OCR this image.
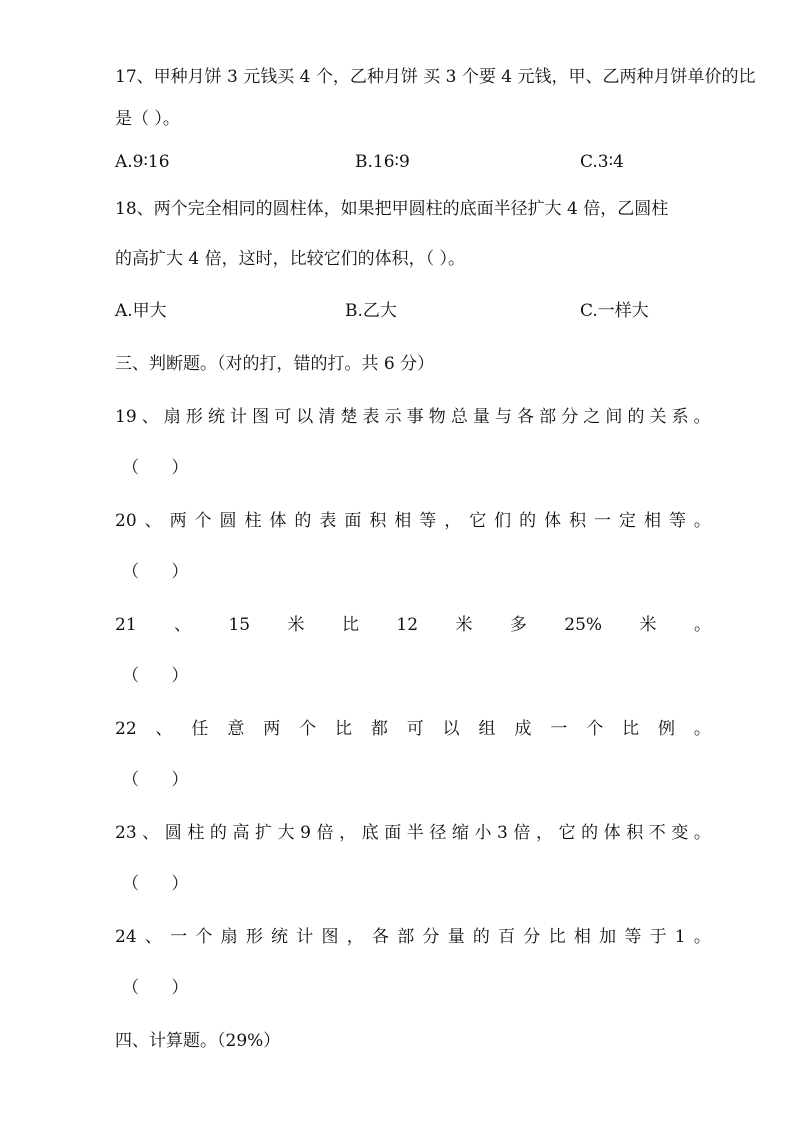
17、甲种月饼 3 元钱买 4 个，乙种月饼 买 3 个要 4 元钱，甲、乙两种月饼单价的比
是（ ）。
A.9∶16	B.16∶9	C.3∶4
18、两个完全相同的圆柱体，如果把甲圆柱的底面半径扩大 4 倍，乙圆柱
的高扩大 4 倍，这时，比较它们的体积，（ ）。
A.甲大	B.乙大	C.一样大
三、判断题。（对的打，错的打。共 6 分）
19 、 扇 形 统 计 图 可 以 清 楚 表 示 事 物 总 量 与 各 部 分 之 间 的 关 系 。
（      ）
20 、 两 个 圆 柱 体 的 表 面 积 相 等 ， 它 们 的 体 积 一 定 相 等 。
（      ）
21 、 15 米 比 12 米 多 25% 米 。
（      ）
22 、 任 意 两 个 比 都 可 以 组 成 一 个 比 例 。
（      ）
23 、 圆 柱 的 高 扩 大 9 倍 ， 底 面 半 径 缩 小 3 倍 ， 它 的 体 积 不 变 。
（      ）
24 、 一 个 扇 形 统 计 图 ， 各 部 分 量 的 百 分 比 相 加 等 于 1 。
（      ）
四、计算题。（29%）
